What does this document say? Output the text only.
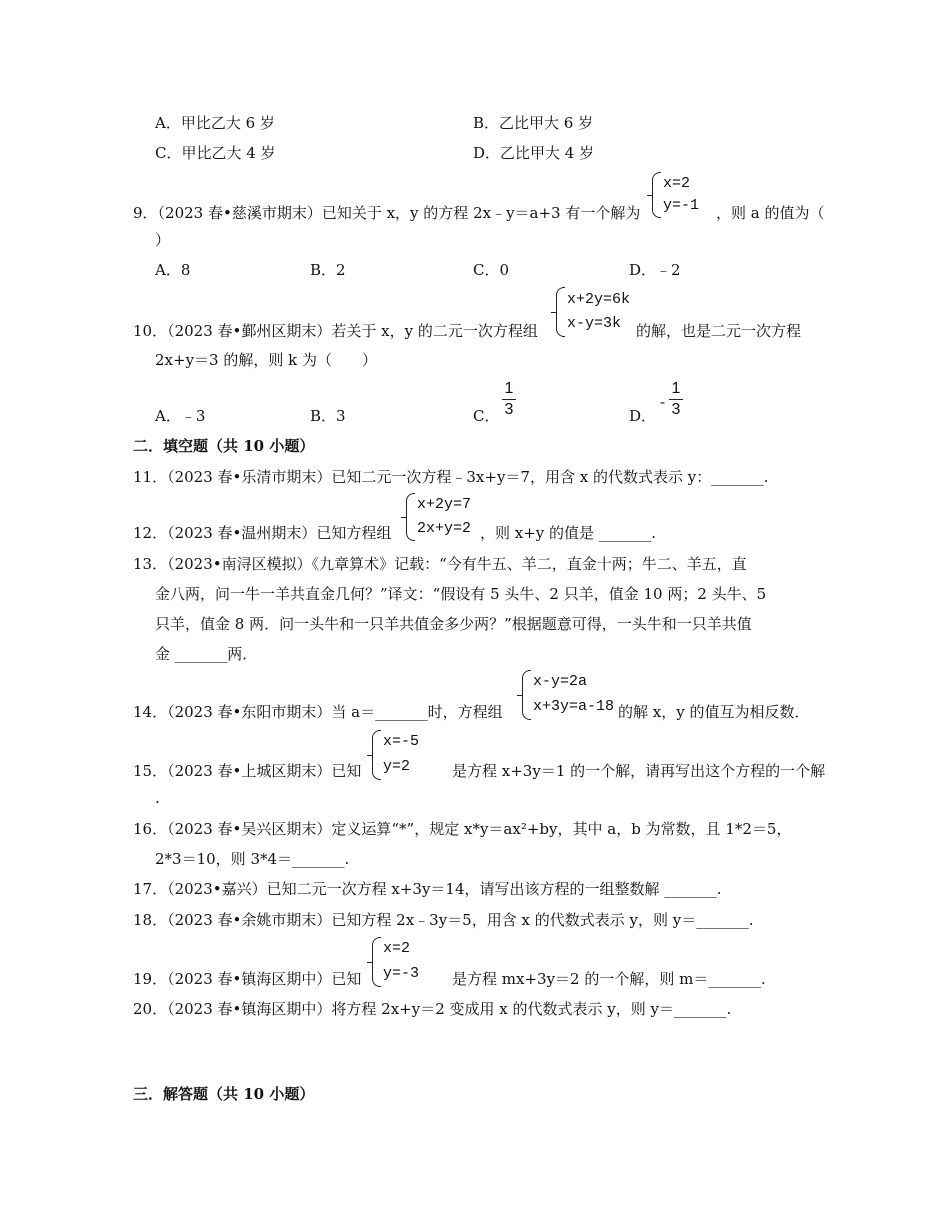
A．甲比乙大 6 岁	B．乙比甲大 6 岁
C．甲比乙大 4 岁	D．乙比甲大 4 岁
9．（2023 春•慈溪市期末）已知关于 x，y 的方程 2x﹣y＝a+3 有一个解为
x=2
y=-1 ，则 a 的值为（
）
A．8	B．2	C．0	D．﹣2
10．（2023 春•鄞州区期末）若关于 x，y 的二元一次方程组
x+2y=6k
x-y=3k 的解，也是二元一次方程
2x+y＝3 的解，则 k 为（　　）
A．﹣3	B．3	C．
1
3	D．
-
1
3
二．填空题（共 10 小题）
11．（2023 春•乐清市期末）已知二元一次方程﹣3x+y＝7，用含 x 的代数式表示 y：_______.
12．（2023 春•温州期末）已知方程组
x+2y=7
2x+y=2 ，则 x+y 的值是 _______.
13．（2023•南浔区模拟）《九章算术》记载：“今有牛五、羊二，直金十两；牛二、羊五，直
金八两，问一牛一羊共直金几何？”译文：“假设有 5 头牛、2 只羊，值金 10 两；2 头牛、5
只羊，值金 8 两．问一头牛和一只羊共值金多少两？”根据题意可得，一头牛和一只羊共值
金 _______两．
14．（2023 春•东阳市期末）当 a＝_______时，方程组
x-y=2a
x+3y=a-18 的解 x，y 的值互为相反数．
15．（2023 春•上城区期末）已知
x=-5
y=2	是方程 x+3y＝1 的一个解，请再写出这个方程的一个解
.
16．（2023 春•吴兴区期末）定义运算“*”，规定 x*y＝ax²+by，其中 a，b 为常数，且 1*2＝5，
2*3＝10，则 3*4＝_______.
17．（2023•嘉兴）已知二元一次方程 x+3y＝14，请写出该方程的一组整数解 _______.
18．（2023 春•余姚市期末）已知方程 2x﹣3y＝5，用含 x 的代数式表示 y，则 y＝_______.
19．（2023 春•镇海区期中）已知
x=2
y=-3 是方程 mx+3y＝2 的一个解，则 m＝_______.
20．（2023 春•镇海区期中）将方程 2x+y＝2 变成用 x 的代数式表示 y，则 y＝_______.
三．解答题（共 10 小题）
